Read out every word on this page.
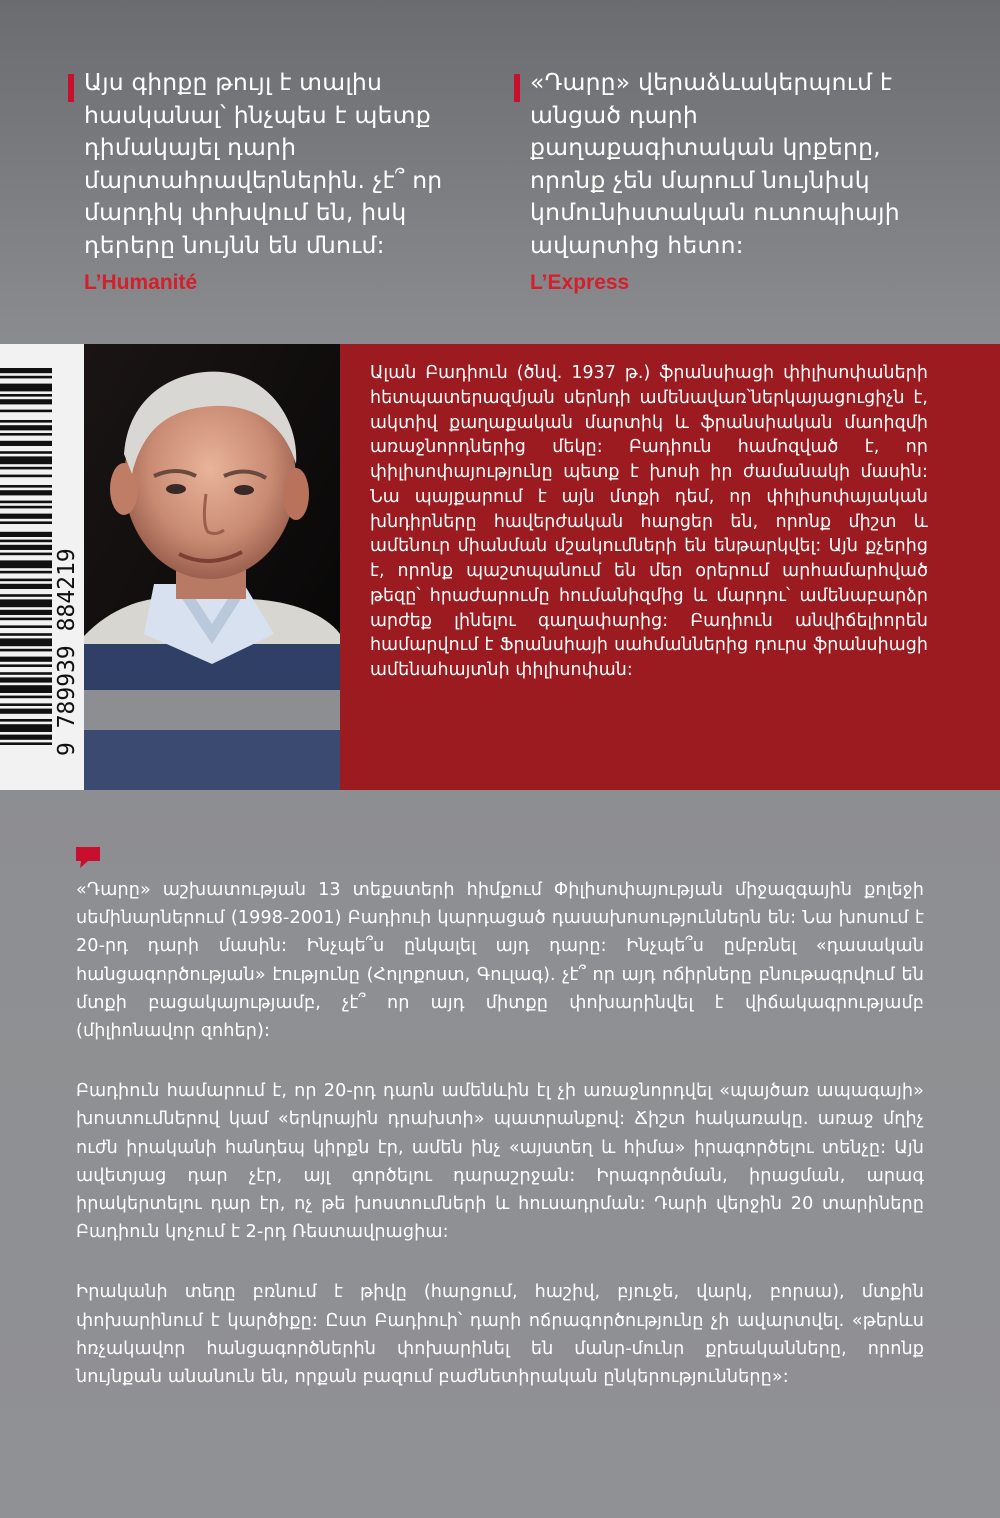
Այս գիրքը թույլ է տալիս հասկանալ՝ ինչպես է պետք դիմակայել դարի մարտահրավերներին. չէ՞ որ մարդիկ փոխվում են, իսկ դերերը նույնն են մնում:

L’Humanité

«Դարը» վերաձևակերպում է անցած դարի քաղաքագիտական կրքերը, որոնք չեն մարում նույնիսկ կոմունիստական ուտոպիայի ավարտից հետո:

L’Express
9 789939 884219

Ալան Բադիուն (ծնվ. 1937 թ.) ֆրանսիացի փիլիսոփաների հետպատերազմյան սերնդի ամենավառ՝ներկայացուցիչն է, ակտիվ քաղաքական մարտիկ և ֆրանսիական մաոիզմի առաջնորդներից մեկը: Բադիուն համոզված է, որ փիլիսոփայությունը պետք է խոսի իր ժամանակի մասին: Նա պայքարում է այն մտքի դեմ, որ փիլիսոփայական խնդիրները հավերժական հարցեր են, որոնք միշտ և ամենուր միանման մշակումների են ենթարկվել: Այն քչերից է, որոնք պաշտպանում են մեր օրերում արհամարհված թեզը՝ հրաժարումը հումանիզմից և մարդու՝ ամենաբարձր արժեք լինելու գաղափարից: Բադիուն անվիճելիորեն համարվում է Ֆրանսիայի սահմաններից դուրս ֆրանսիացի ամենահայտնի փիլիսոփան:

«Դարը» աշխատության 13 տեքստերի հիմքում Փիլիսոփայության միջազգային քոլեջի սեմինարներում (1998-2001) Բադիուի կարդացած դասախոսություններն են: Նա խոսում է 20-րդ դարի մասին: Ինչպե՞ս ընկալել այդ դարը: Ինչպե՞ս ըմբռնել «դասական հանցագործության» էությունը (Հոլոքոստ, Գուլագ). չէ՞ որ այդ ոճիրները բնութագրվում են մտքի բացակայությամբ, չէ՞ որ այդ միտքը փոխարինվել է վիճակագրությամբ (միլիոնավոր զոհեր):

Բադիուն համարում է, որ 20-րդ դարն ամենևին էլ չի առաջնորդվել «պայծառ ապագայի» խոստումներով կամ «երկրային դրախտի» պատրանքով: Ճիշտ հակառակը. առաջ մղիչ ուժն իրականի հանդեպ կիրքն էր, ամեն ինչ «այստեղ և հիմա» իրագործելու տենչը: Այն ավետյաց դար չէր, այլ գործելու դարաշրջան: Իրագործման, իրացման, արագ իրակերտելու դար էր, ոչ թե խոստումների և հուսադրման: Դարի վերջին 20 տարիները Բադիուն կոչում է 2-րդ Ռեստավրացիա:

Իրականի տեղը բռնում է թիվը (հարցում, հաշիվ, բյուջե, վարկ, բորսա), մտքին փոխարինում է կարծիքը: Ըստ Բադիուի՝ դարի ոճրագործությունը չի ավարտվել. «թերևս հռչակավոր հանցագործներին փոխարինել են մանր-մունր քրեականները, որոնք նույնքան անանուն են, որքան բազում բաժնետիրական ընկերությունները»:
